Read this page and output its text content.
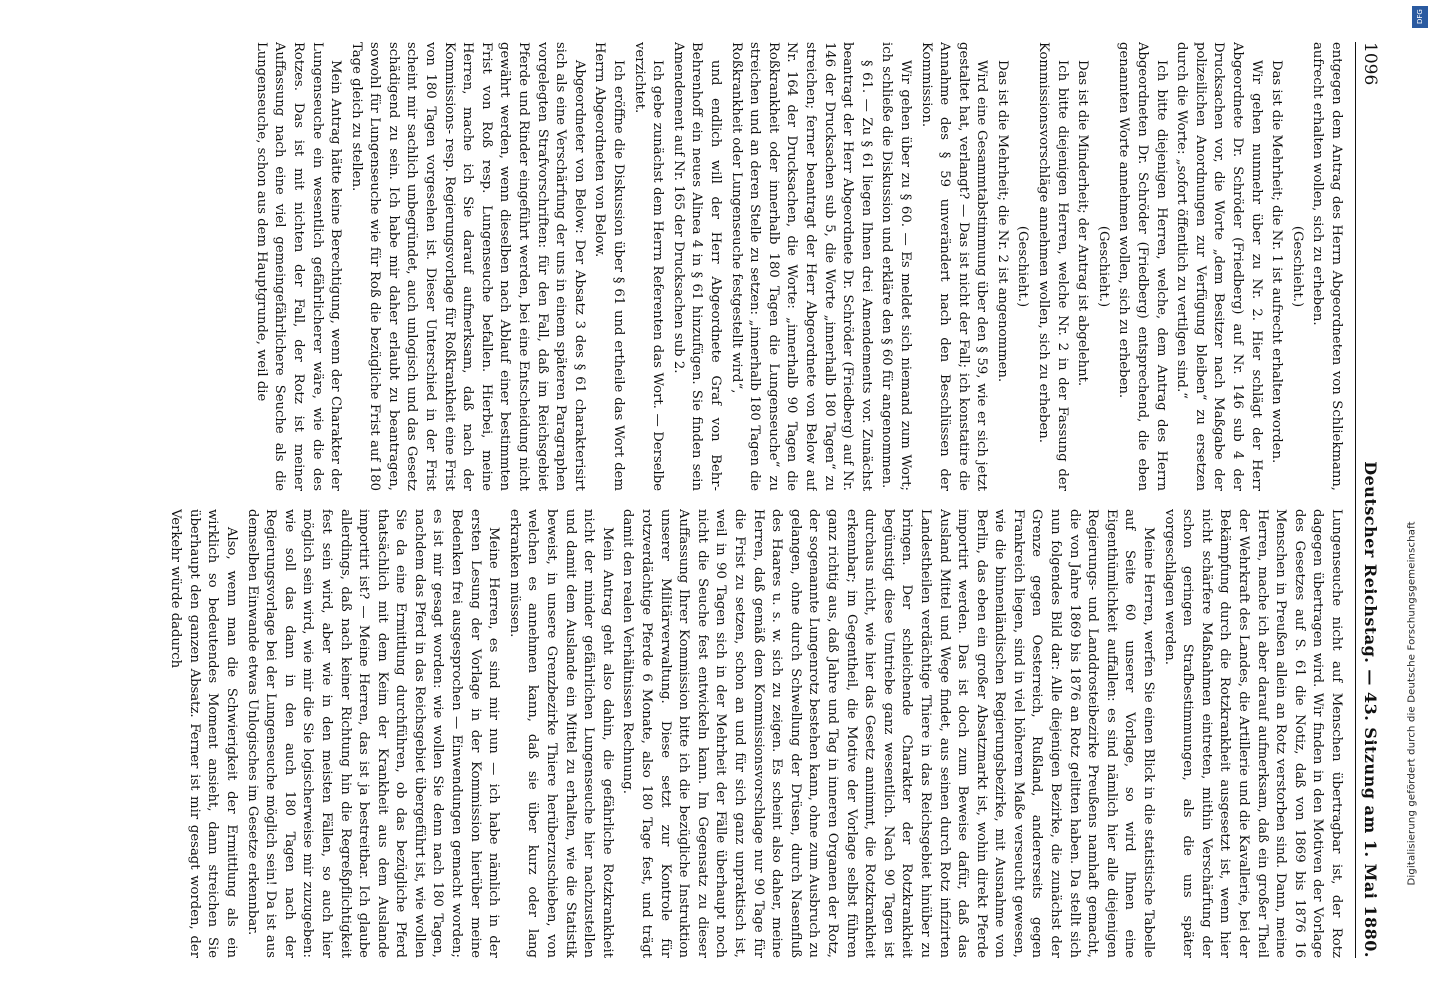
1096
Deutscher Reichstag. — 43. Sitzung am 1. Mai 1880.

entgegen dem Antrag des Herrn Abgeordneten von Schliekmann, aufrecht erhalten wollen, sich zu erheben.

(Geschieht.)

Das ist die Mehrheit; die Nr. 1 ist aufrecht erhalten worden.

Wir gehen nunmehr über zu Nr. 2. Hier schlägt der Herr Abgeordnete Dr. Schröder (Friedberg) auf Nr. 146 sub 4 der Drucksachen vor, die Worte „dem Besitzer nach Maßgabe der polizeilichen Anordnungen zur Verfügung bleiben“ zu ersetzen durch die Worte: „sofort öffentlich zu vertilgen sind.“

Ich bitte diejenigen Herren, welche, dem Antrag des Herrn Abgeordneten Dr. Schröder (Friedberg) entsprechend, die eben genannten Worte annehmen wollen, sich zu erheben.

(Geschieht.)

Das ist die Minderheit; der Antrag ist abgelehnt.

Ich bitte diejenigen Herren, welche Nr. 2 in der Fassung der Kommissionsvorschläge annehmen wollen, sich zu erheben.

(Geschieht.)

Das ist die Mehrheit; die Nr. 2 ist angenommen.

Wird eine Gesammtabstimmung über den § 59, wie er sich jetzt gestaltet hat, verlangt? — Das ist nicht der Fall; ich konstatire die Annahme des § 59 unverändert nach den Beschlüssen der Kommission.

Wir gehen über zu § 60. — Es meldet sich niemand zum Wort; ich schließe die Diskussion und erkläre den § 60 für angenommen.

§ 61. — Zu § 61 liegen Ihnen drei Amendements vor. Zunächst beantragt der Herr Abgeordnete Dr. Schröder (Friedberg) auf Nr. 146 der Drucksachen sub 5, die Worte „innerhalb 180 Tagen“ zu streichen; ferner beantragt der Herr Abgeordnete von Below auf Nr. 164 der Drucksachen, die Worte: „innerhalb 90 Tagen die Roßkrankheit oder innerhalb 180 Tagen die Lungenseuche“ zu streichen und an deren Stelle zu setzen: „innerhalb 180 Tagen die Roßkrankheit oder Lungenseuche festgestellt wird“,

und endlich will der Herr Abgeordnete Graf von Behr-Behrenhoff ein neues Alinea 4 in § 61 hinzufügen. Sie finden sein Amendement auf Nr. 165 der Drucksachen sub 2.

Ich gebe zunächst dem Herrn Referenten das Wort. — Derselbe verzichtet.

Ich eröffne die Diskussion über § 61 und ertheile das Wort dem Herrn Abgeordneten von Below.

Abgeordneter von Below: Der Absatz 3 des § 61 charakterisirt sich als eine Verschärfung der uns in einem späteren Paragraphen vorgelegten Strafvorschriften: für den Fall, daß im Reichsgebiet Pferde und Rinder eingeführt werden, bei eine Entscheidung nicht gewährt werden, wenn dieselben nach Ablauf einer bestimmten Frist von Roß resp. Lungenseuche befallen. Hierbei, meine Herren, mache ich Sie darauf aufmerksam, daß nach der Kommissions- resp. Regierungsvorlage für Roßkrankheit eine Frist von 180 Tagen vorgesehen ist. Dieser Unterschied in der Frist scheint mir sachlich unbegründet, auch unlogisch und das Gesetz schädigend zu sein. Ich habe mir daher erlaubt zu beantragen, sowohl für Lungenseuche wie für Roß die bezügliche Frist auf 180 Tage gleich zu stellen.

Mein Antrag hätte keine Berechtigung, wenn der Charakter der Lungenseuche ein wesentlich gefährlicherer wäre, wie die des Rotzes. Das ist mit nichten der Fall, der Rotz ist meiner Auffassung nach eine viel gemeingefährlichere Seuche als die Lungenseuche, schon aus dem Hauptgrunde, weil die

Lungenseuche nicht auf Menschen übertragbar ist, der Rotz dagegen übertragen wird. Wir finden in den Motiven der Vorlage des Gesetzes auf S. 61 die Notiz, daß von 1869 bis 1876 16 Menschen in Preußen allein an Rotz verstorben sind. Dann, meine Herren, mache ich aber darauf aufmerksam, daß ein großer Theil der Wehrkraft des Landes, die Artillerie und die Kavallerie, bei der Bekämpfung durch die Rotzkrankheit ausgesetzt ist, wenn hier nicht schärfere Maßnahmen eintreten, mithin Verschärfung der schon geringen Strafbestimmungen, als die uns später vorgeschlagen werden.

Meine Herren, werfen Sie einen Blick in die statistische Tabelle auf Seite 60 unserer Vorlage, so wird Ihnen eine Eigenthümlichkeit auffallen: es sind nämlich hier alle diejenigen Regierungs- und Landdrosteibezirke Preußens namhaft gemacht, die von Jahre 1869 bis 1876 an Rotz gelitten haben. Da stellt sich nun folgendes Bild dar: Alle diejenigen Bezirke, die zunächst der Grenze gegen Oesterreich, Rußland, andererseits gegen Frankreich liegen, sind in viel höherem Maße verseucht gewesen, wie die binnenländischen Regierungsbezirke, mit Ausnahme von Berlin, das eben ein großer Absatzmarkt ist, wohin direkt Pferde importirt werden. Das ist doch zum Beweise dafür, daß das Ausland Mittel und Wege findet, aus seinen durch Rotz infizirten Landestheilen verdächtige Thiere in das Reichsgebiet hinüber zu bringen. Der schleichende Charakter der Rotzkrankheit begünstigt diese Umtriebe ganz wesentlich. Nach 90 Tagen ist durchaus nicht, wie hier das Gesetz annimmt, die Rotzkrankheit erkennbar; im Gegentheil, die Motive der Vorlage selbst führen ganz richtig aus, daß Jahre und Tag in inneren Organen der Rotz, der sogenannte Lungenrotz bestehen kann, ohne zum Ausbruch zu gelangen, ohne durch Schwellung der Drüsen, durch Nasenfluß des Haares u. s. w. sich zu zeigen. Es scheint also daher, meine Herren, daß gemäß dem Kommissionsvorschlage nur 90 Tage für die Frist zu setzen, schon an und für sich ganz unpraktisch ist, weil in 90 Tagen sich in der Mehrheit der Fälle überhaupt noch nicht die Seuche fest entwickeln kann. Im Gegensatz zu dieser Auffassung Ihrer Kommission bitte ich die bezügliche Instruktion unserer Militärverwaltung. Diese setzt zur Kontrole für rotzverdächtige Pferde 6 Monate, also 180 Tage fest, und trägt damit den realen Verhältnissen Rechnung.

Mein Antrag geht also dahin, die gefährliche Rotzkrankheit nicht der minder gefährlichen Lungenseuche hier nachzustellen und damit dem Auslande ein Mittel zu erhalten, wie die Statistik beweist, in unsere Grenzbezirke Thiere herüberzuschieben, von welchen es annehmen kann, daß sie über kurz oder lang erkranken müssen.

Meine Herren, es sind mir nun — ich habe nämlich in der ersten Lesung der Vorlage in der Kommission hierüber meine Bedenken frei ausgesprochen — Einwendungen gemacht worden; es ist mir gesagt worden: wie wollen Sie denn nach 180 Tagen, nachdem das Pferd in das Reichsgebiet übergeführt ist, wie wollen Sie da eine Ermittlung durchführen, ob das bezügliche Pferd thatsächlich mit dem Keim der Krankheit aus dem Auslande importirt ist? — Meine Herren, das ist ja bestreitbar. Ich glaube allerdings, daß nach keiner Richtung hin die Regreßpflichtigkeit fest sein wird, aber wie in den meisten Fällen, so auch hier möglich sein wird, wie mir die Sie logischerweise mir zuzugeben: wie soll das dann in den auch 180 Tagen nach der Regierungsvorlage bei der Lungenseuche möglich sein! Da ist aus demselben Einwande etwas Unlogisches im Gesetze erkennbar.

Also, wenn man die Schwierigkeit der Ermittlung als ein wirklich so bedeutendes Moment ansieht, dann streichen Sie überhaupt den ganzen Absatz. Ferner ist mir gesagt worden, der Verkehr würde dadurch

DFG
Digitalisierung gefördert durch die Deutsche Forschungsgemeinschaft
